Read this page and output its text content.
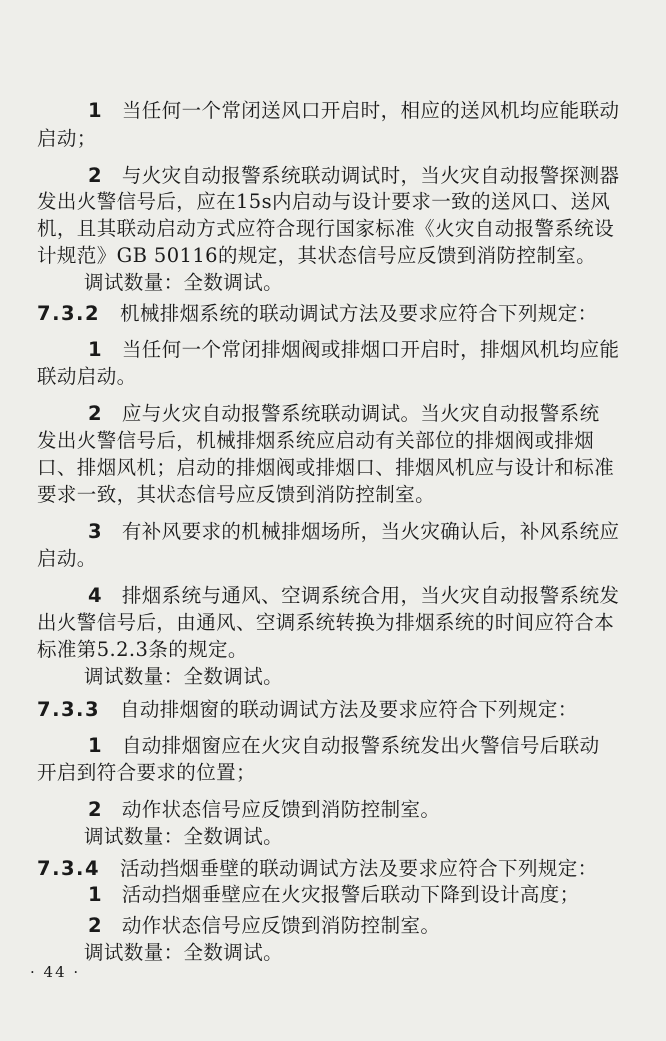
1  当任何一个常闭送风口开启时，相应的送风机均应能联动
启动；
2  与火灾自动报警系统联动调试时，当火灾自动报警探测器
发出火警信号后，应在15s内启动与设计要求一致的送风口、送风
机，且其联动启动方式应符合现行国家标准《火灾自动报警系统设
计规范》GB 50116的规定，其状态信号应反馈到消防控制室。
调试数量：全数调试。
7.3.2  机械排烟系统的联动调试方法及要求应符合下列规定：
1  当任何一个常闭排烟阀或排烟口开启时，排烟风机均应能
联动启动。
2  应与火灾自动报警系统联动调试。当火灾自动报警系统
发出火警信号后，机械排烟系统应启动有关部位的排烟阀或排烟
口、排烟风机；启动的排烟阀或排烟口、排烟风机应与设计和标准
要求一致，其状态信号应反馈到消防控制室。
3  有补风要求的机械排烟场所，当火灾确认后，补风系统应
启动。
4  排烟系统与通风、空调系统合用，当火灾自动报警系统发
出火警信号后，由通风、空调系统转换为排烟系统的时间应符合本
标准第5.2.3条的规定。
调试数量：全数调试。
7.3.3  自动排烟窗的联动调试方法及要求应符合下列规定：
1  自动排烟窗应在火灾自动报警系统发出火警信号后联动
开启到符合要求的位置；
2  动作状态信号应反馈到消防控制室。
调试数量：全数调试。
7.3.4  活动挡烟垂壁的联动调试方法及要求应符合下列规定：
1  活动挡烟垂壁应在火灾报警后联动下降到设计高度；
2  动作状态信号应反馈到消防控制室。
调试数量：全数调试。
· 44 ·
